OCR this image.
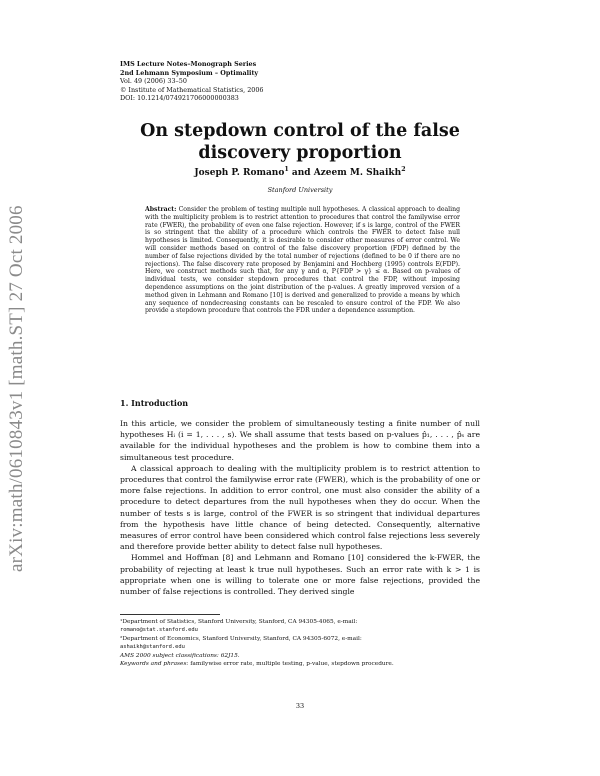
arXiv:math/0610843v1 [math.ST] 27 Oct 2006
IMS Lecture Notes–Monograph Series
2nd Lehmann Symposium – Optimality
Vol. 49 (2006) 33–50
© Institute of Mathematical Statistics, 2006
DOI: 10.1214/074921706000000383
On stepdown control of the false discovery proportion
Joseph P. Romano$^1$ and Azeem M. Shaikh$^2$
Stanford University
Abstract: Consider the problem of testing multiple null hypotheses. A classical approach to dealing with the multiplicity problem is to restrict attention to procedures that control the familywise error rate (FWER), the probability of even one false rejection. However, if s is large, control of the FWER is so stringent that the ability of a procedure which controls the FWER to detect false null hypotheses is limited. Consequently, it is desirable to consider other measures of error control. We will consider methods based on control of the false discovery proportion (FDP) defined by the number of false rejections divided by the total number of rejections (defined to be 0 if there are no rejections). The false discovery rate proposed by Benjamini and Hochberg (1995) controls E(FDP). Here, we construct methods such that, for any γ and α, P{FDP > γ} ≤ α. Based on p-values of individual tests, we consider stepdown procedures that control the FDP, without imposing dependence assumptions on the joint distribution of the p-values. A greatly improved version of a method given in Lehmann and Romano [10] is derived and generalized to provide a means by which any sequence of nondecreasing constants can be rescaled to ensure control of the FDP. We also provide a stepdown procedure that controls the FDR under a dependence assumption.
1. Introduction

In this article, we consider the problem of simultaneously testing a finite number of null hypotheses Hᵢ (i = 1, . . . , s). We shall assume that tests based on p-values p̂₁, . . . , p̂ₛ are available for the individual hypotheses and the problem is how to combine them into a simultaneous test procedure.

A classical approach to dealing with the multiplicity problem is to restrict attention to procedures that control the familywise error rate (FWER), which is the probability of one or more false rejections. In addition to error control, one must also consider the ability of a procedure to detect departures from the null hypotheses when they do occur. When the number of tests s is large, control of the FWER is so stringent that individual departures from the hypothesis have little chance of being detected. Consequently, alternative measures of error control have been considered which control false rejections less severely and therefore provide better ability to detect false null hypotheses.

Hommel and Hoffman [8] and Lehmann and Romano [10] considered the k-FWER, the probability of rejecting at least k true null hypotheses. Such an error rate with k > 1 is appropriate when one is willing to tolerate one or more false rejections, provided the number of false rejections is controlled. They derived single

¹Department of Statistics, Stanford University, Stanford, CA 94305-4065, e-mail:
romano@stat.stanford.edu
²Department of Economics, Stanford University, Stanford, CA 94305-6072, e-mail:
ashaikh@stanford.edu
AMS 2000 subject classifications: 62J15.
Keywords and phrases: familywise error rate, multiple testing, p-value, stepdown procedure.
33
